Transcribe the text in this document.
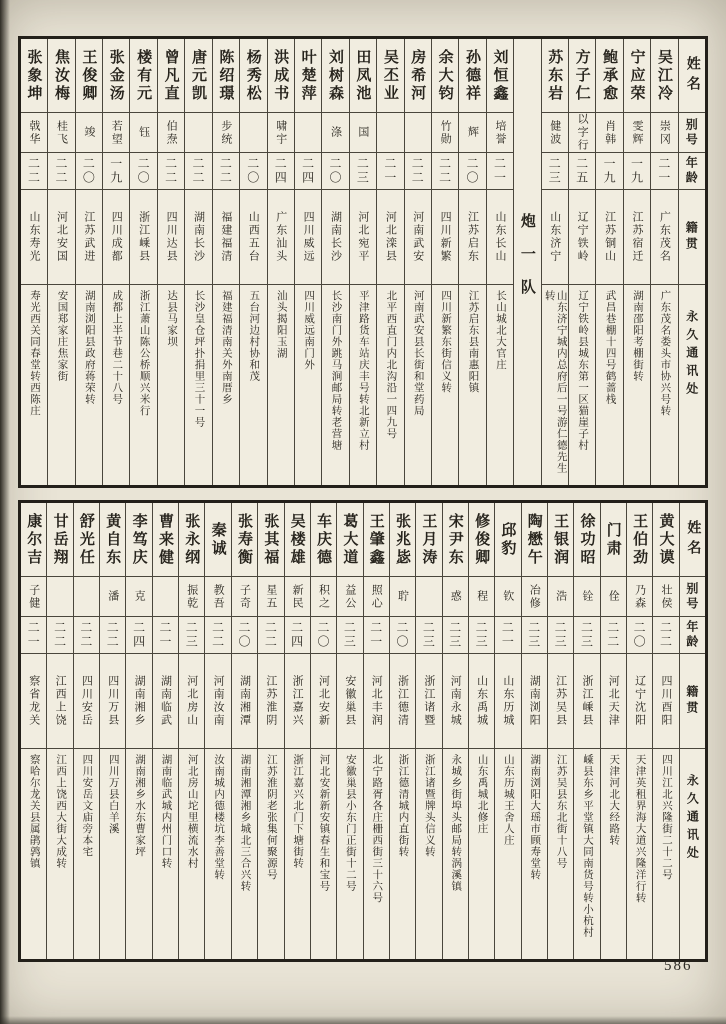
姓名
别号
年龄
籍贯
永久通讯处
吴江冷
崇冈
二一
广东茂名
广东茂名娄头市协兴号转
宁应荣
雯辉
一九
江苏宿迁
湖南邵阳考棚街转
鲍承愈
肖韩
一九
江苏铜山
武昌巷棚十四号鹤蔷栈
方子仁
以字行
二五
辽宁铁岭
辽宁铁岭县城东第一区猫崖子村
苏东岩
健波
二三
山东济宁
山东济宁城内总府后一号游仁德先生转
炮一队
刘恒鑫
培誉
二一
山东长山
长山城北大官庄
孙德祥
辉
二〇
江苏启东
江苏启东县南惠阳镇
余大钧
竹勋
二二
四川新繁
四川新繁东街信义转
房希河
二二
河南武安
河南武安县长街和堂药局
吴丕业
二一
河北滦县
北平西直门内北沟沿一四九号
田凤池
国
二三
河北宛平
平津路货车站庆丰号转北新立村
刘树森
涤
二〇
湖南长沙
长沙南门外跳马涧邮局转老营塘
叶楚萍
二四
四川威远
四川威远南门外
洪成书
啸宇
二四
广东汕头
汕头揭阳玉湖
杨秀松
二〇
山西五台
五台河边村协和茂
陈绍璟
步统
二二
福建福清
福建福清南关外南厝乡
唐元凯
二二
湖南长沙
长沙皇仓坪扑捐里三十一号
曾凡直
伯焘
二二
四川达县
达县马家坝
楼有元
钰
二〇
浙江嵊县
浙江萧山陈公桥顺兴米行
张金汤
若望
一九
四川成都
成都上半节巷二十八号
王俊卿
竣
二〇
江苏武进
湖南浏阳县政府蒋荣转
焦汝梅
桂飞
二二
河北安国
安国郑家庄焦家街
张象坤
戟华
二二
山东寿光
寿光西关同春堂转西陈庄
姓名
别号
年龄
籍贯
永久通讯处
黄大谟
壮侯
二二
四川酉阳
四川江北兴隆街二十二号
王伯劲
乃森
二〇
辽宁沈阳
天津英租界海大道兴隆洋行转
门肃
佺
二二
河北天津
天津河北大经路转
徐功昭
铨
二三
浙江嵊县
嵊县东乡平堂镇大同南货号转小杭村
王银润
浩
二三
江苏吴县
江苏吴县东北街十八号
陶懋午
冶修
二三
湖南浏阳
湖南浏阳大瑶市顾寿堂转
邱豹
钦
二一
山东历城
山东历城王舍人庄
修俊卿
程
二三
山东禹城
山东禹城北修庄
宋尹东
惑
二三
河南永城
永城乡街埠头邮局转涡溪镇
王月涛
二三
浙江诸暨
浙江诸暨牌头信义转
张兆毖
聍
二〇
浙江德清
浙江德清城内直街转
王肇鑫
照心
二一
河北丰润
北宁路胥各庄栅西街三十六号
葛大道
益公
二三
安徽巢县
安徽巢县小东门正街十二号
车庆德
积之
二〇
河北安新
河北安新新安镇春生和宝号
吴楼雄
新民
二四
浙江嘉兴
浙江嘉兴北门下塘街转
张其福
星五
二二
江苏淮阴
江苏淮阴老张集何聚源号
张寿衡
子奇
二〇
湖南湘潭
湖南湘潭湘乡城北三合兴转
秦诚
教吾
二二
河南汝南
汝南城内德楼坑李善堂转
张永纲
振乾
二三
河北房山
河北房山坨里横流水村
曹来健
二一
湖南临武
湖南临武城内州门口转
李笃庆
克
二四
湖南湘乡
湖南湘乡水东曹家坪
黄自东
潘
二二
四川万县
四川万县白羊溪
舒光任
二二
四川安岳
四川安岳文庙旁本宅
甘岳翔
二二
江西上饶
江西上饶西大街大成转
康尔吉
子健
二一
察省龙关
察哈尔龙关县属鹃鹑镇
586
